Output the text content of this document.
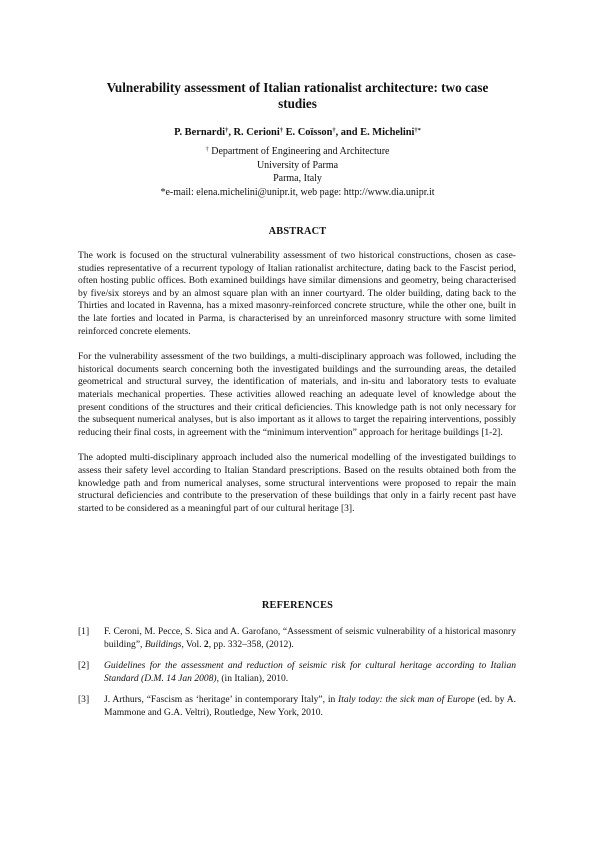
Vulnerability assessment of Italian rationalist architecture: two case studies
P. Bernardi†, R. Cerioni† E. Coïsson†, and E. Michelini†*
† Department of Engineering and Architecture
University of Parma
Parma, Italy
*e-mail: elena.michelini@unipr.it, web page: http://www.dia.unipr.it
ABSTRACT

The work is focused on the structural vulnerability assessment of two historical constructions, chosen as case-studies representative of a recurrent typology of Italian rationalist architecture, dating back to the Fascist period, often hosting public offices. Both examined buildings have similar dimensions and geometry, being characterised by five/six storeys and by an almost square plan with an inner courtyard. The older building, dating back to the Thirties and located in Ravenna, has a mixed masonry-reinforced concrete structure, while the other one, built in the late forties and located in Parma, is characterised by an unreinforced masonry structure with some limited reinforced concrete elements.

For the vulnerability assessment of the two buildings, a multi-disciplinary approach was followed, including the historical documents search concerning both the investigated buildings and the surrounding areas, the detailed geometrical and structural survey, the identification of materials, and in-situ and laboratory tests to evaluate materials mechanical properties. These activities allowed reaching an adequate level of knowledge about the present conditions of the structures and their critical deficiencies. This knowledge path is not only necessary for the subsequent numerical analyses, but is also important as it allows to target the repairing interventions, possibly reducing their final costs, in agreement with the “minimum intervention” approach for heritage buildings [1-2].

The adopted multi-disciplinary approach included also the numerical modelling of the investigated buildings to assess their safety level according to Italian Standard prescriptions. Based on the results obtained both from the knowledge path and from numerical analyses, some structural interventions were proposed to repair the main structural deficiencies and contribute to the preservation of these buildings that only in a fairly recent past have started to be considered as a meaningful part of our cultural heritage [3].

REFERENCES
[1] F. Ceroni, M. Pecce, S. Sica and A. Garofano, “Assessment of seismic vulnerability of a historical masonry building”, Buildings, Vol. 2, pp. 332–358, (2012).
[2] Guidelines for the assessment and reduction of seismic risk for cultural heritage according to Italian Standard (D.M. 14 Jan 2008), (in Italian), 2010.
[3] J. Arthurs, “Fascism as ‘heritage’ in contemporary Italy”, in Italy today: the sick man of Europe (ed. by A. Mammone and G.A. Veltri), Routledge, New York, 2010.
